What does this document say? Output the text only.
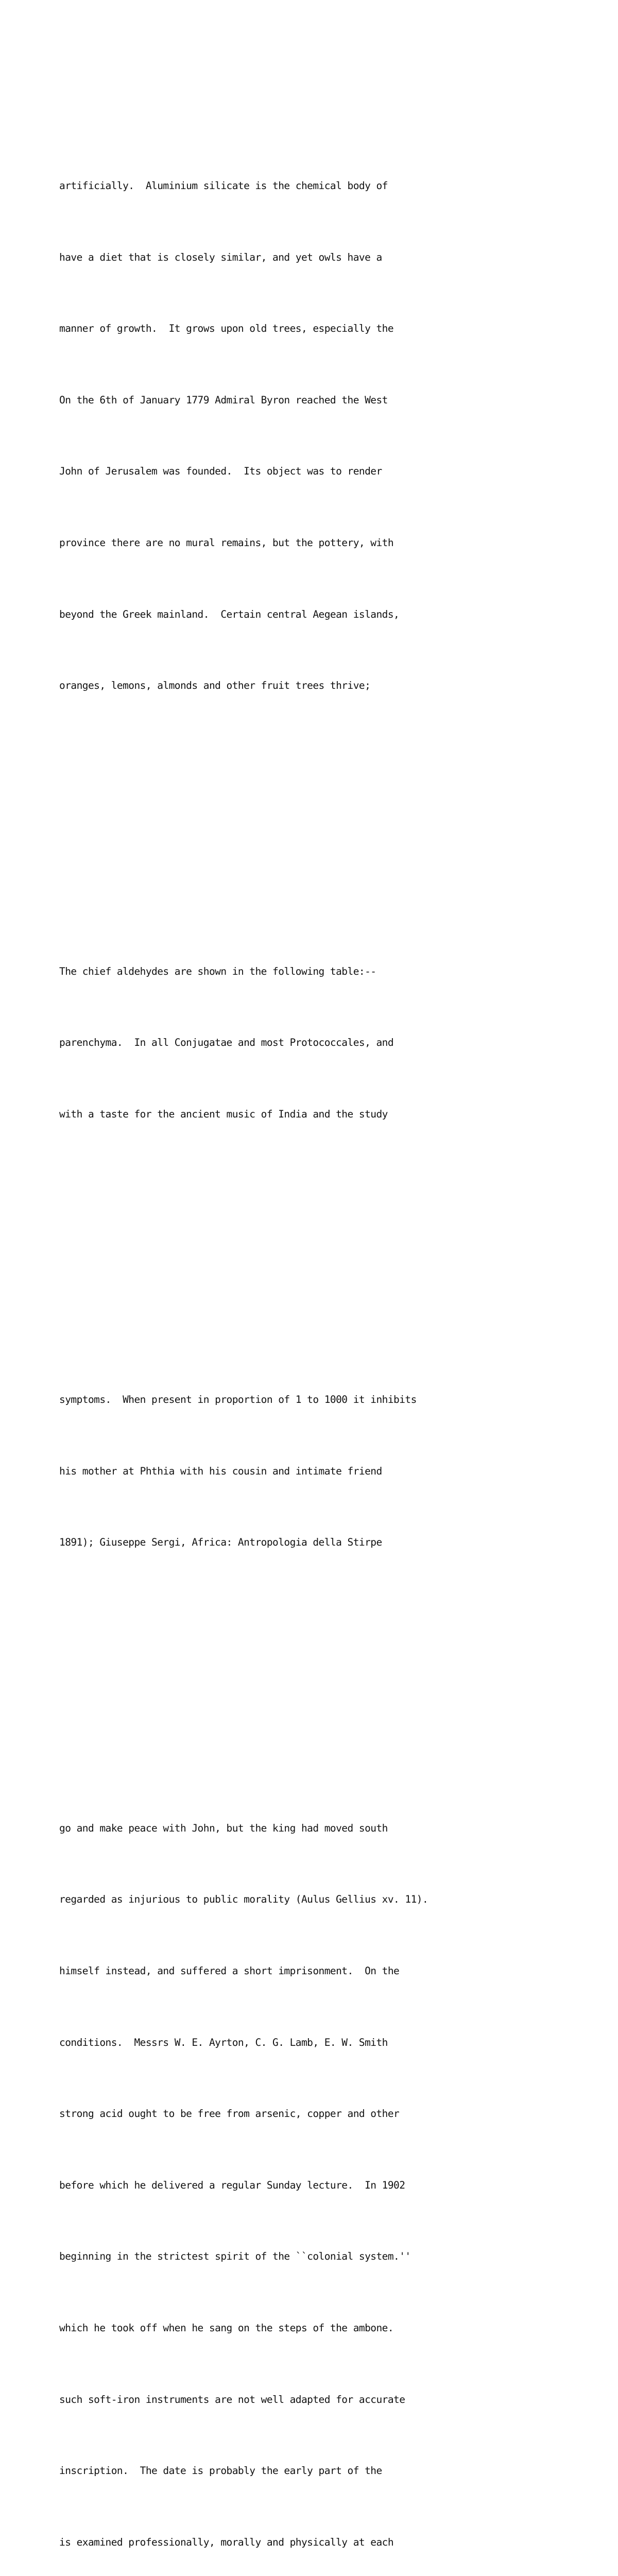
artificially.  Aluminium silicate is the chemical body of

have a diet that is closely similar, and yet owls have a

manner of growth.  It grows upon old trees, especially the

On the 6th of January 1779 Admiral Byron reached the West

John of Jerusalem was founded.  Its object was to render

province there are no mural remains, but the pottery, with

beyond the Greek mainland.  Certain central Aegean islands,

oranges, lemons, almonds and other fruit trees thrive;

The chief aldehydes are shown in the following table:--

parenchyma.  In all Conjugatae and most Protococcales, and

with a taste for the ancient music of India and the study

symptoms.  When present in proportion of 1 to 1000 it inhibits

his mother at Phthia with his cousin and intimate friend

1891); Giuseppe Sergi, Africa: Antropologia della Stirpe

go and make peace with John, but the king had moved south

regarded as injurious to public morality (Aulus Gellius xv. 11).

himself instead, and suffered a short imprisonment.  On the

conditions.  Messrs W. E. Ayrton, C. G. Lamb, E. W. Smith

strong acid ought to be free from arsenic, copper and other

before which he delivered a regular Sunday lecture.  In 1902

beginning in the strictest spirit of the ``colonial system.''

which he took off when he sang on the steps of the ambone.

such soft-iron instruments are not well adapted for accurate

inscription.  The date is probably the early part of the

is examined professionally, morally and physically at each
